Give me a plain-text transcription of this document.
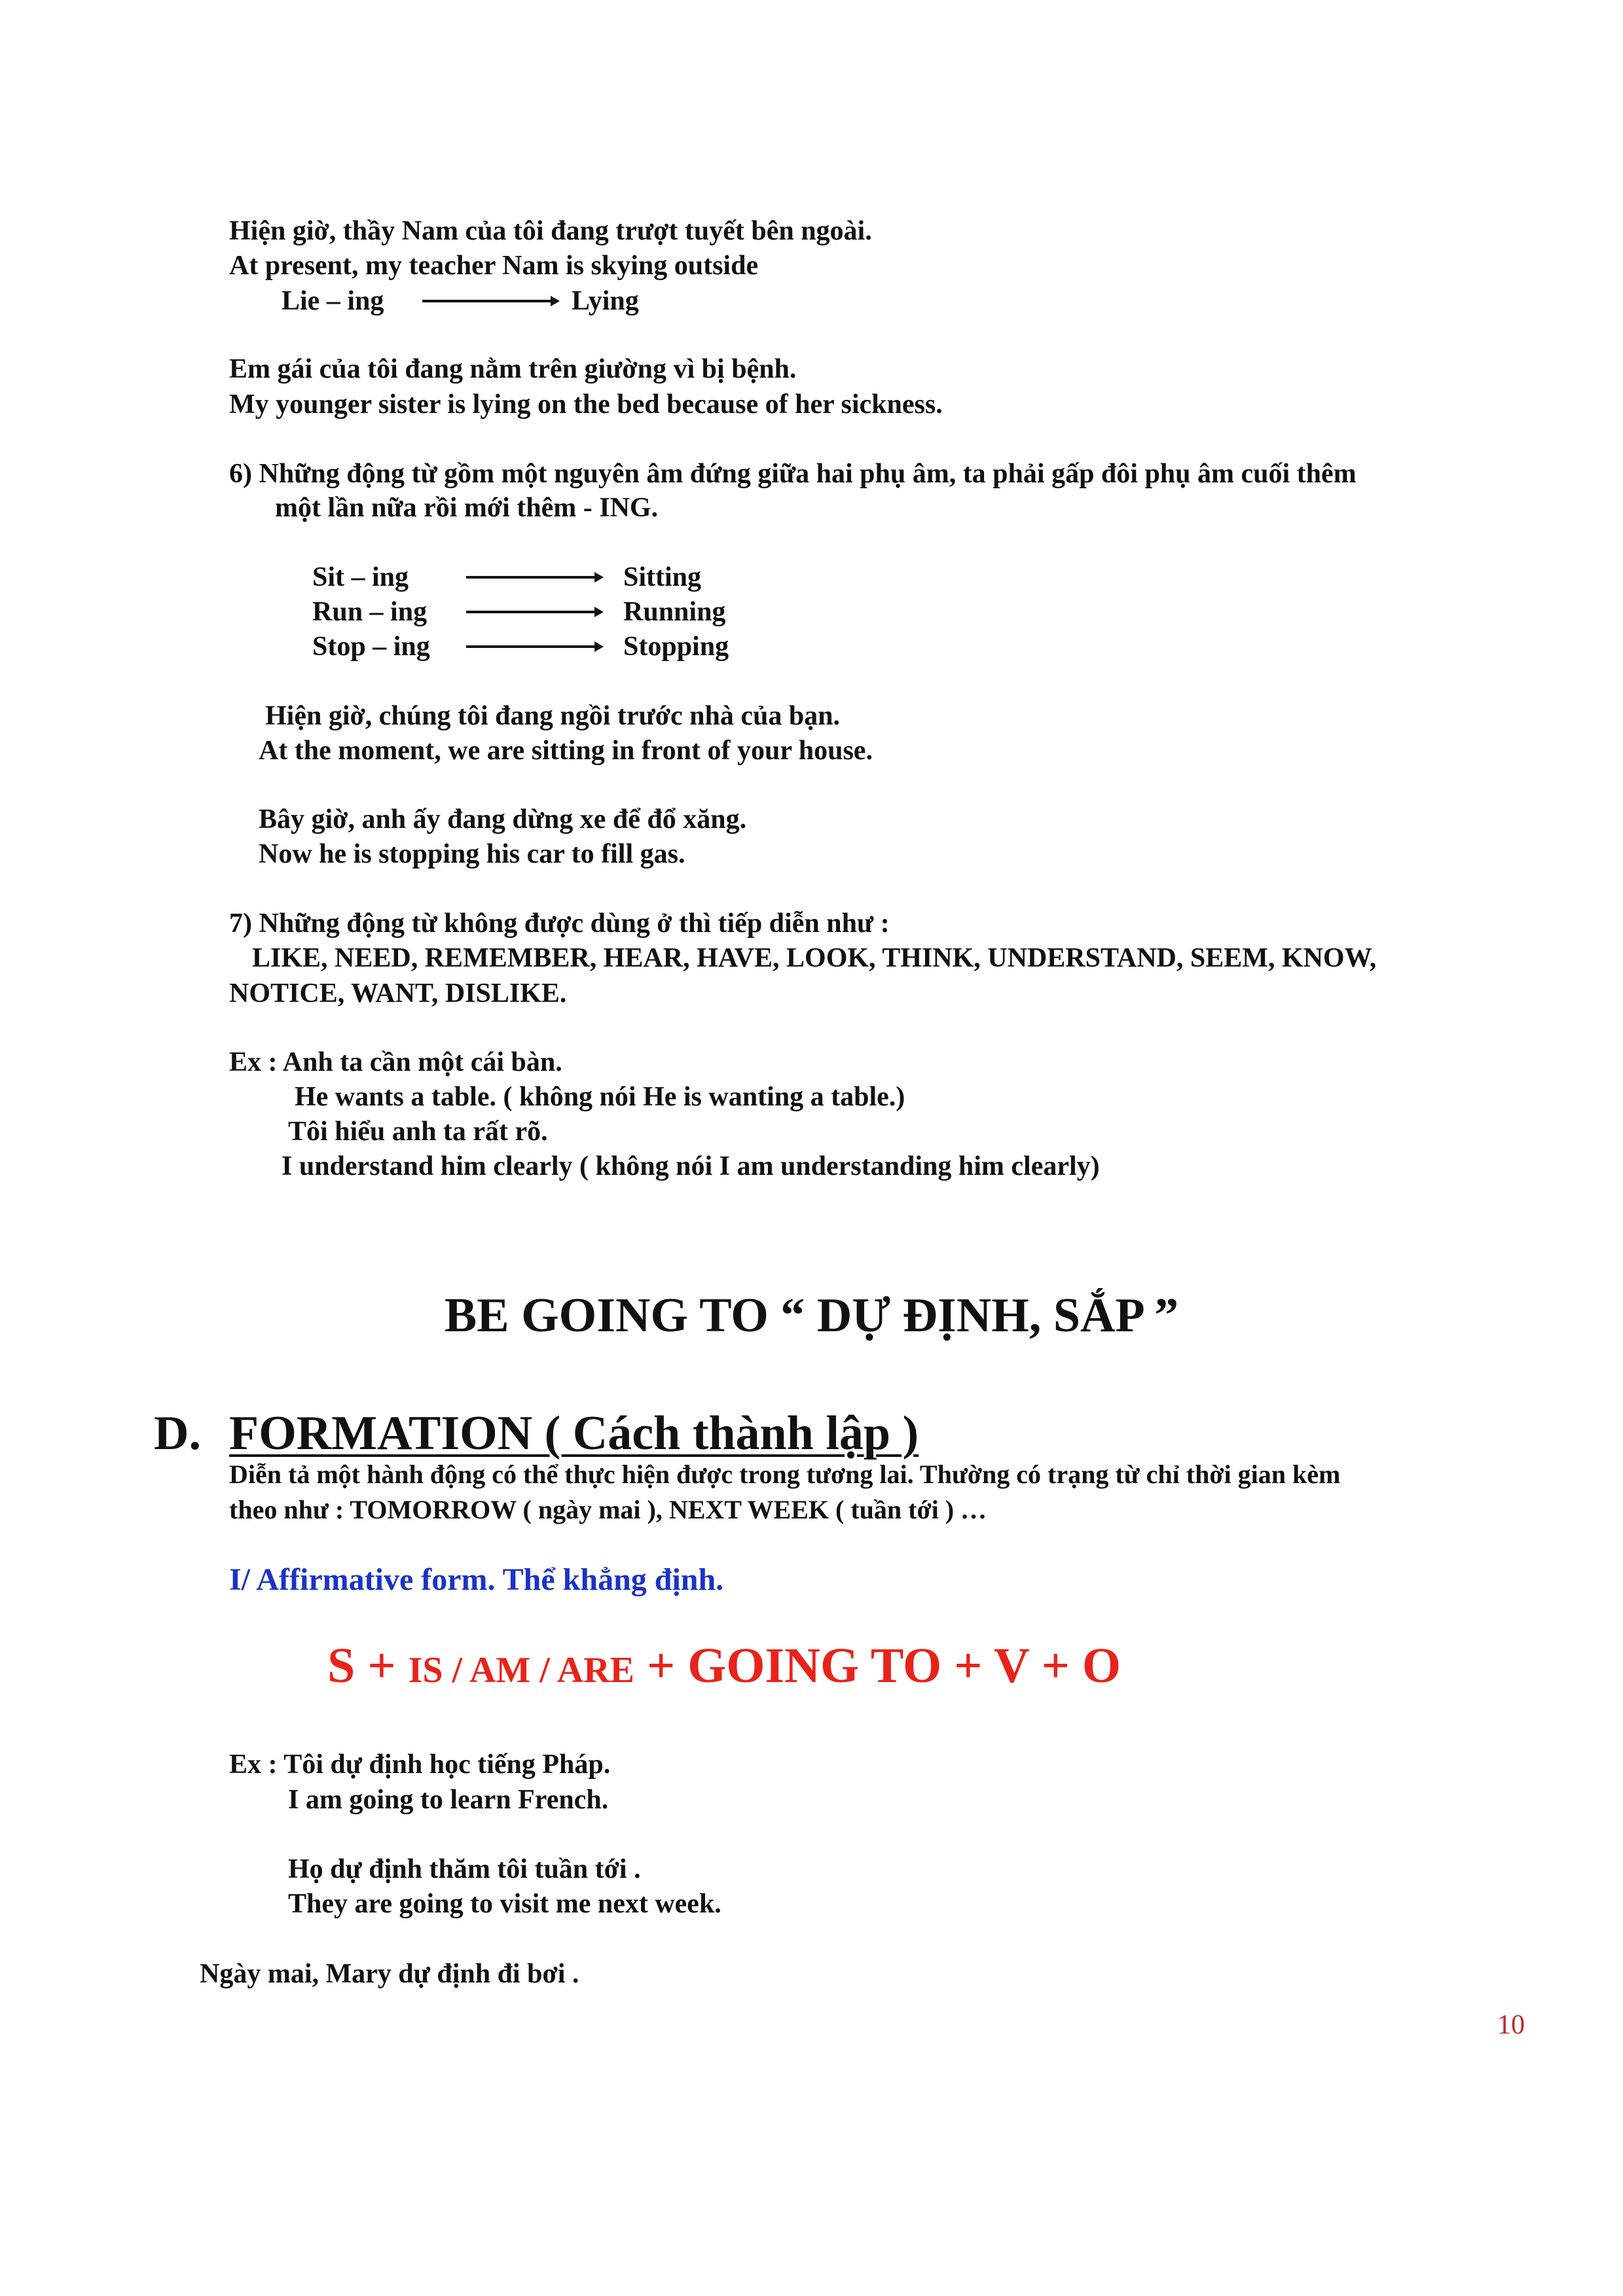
Hiện giờ, thầy Nam của tôi đang trượt tuyết bên ngoài.
At present, my teacher Nam is skying outside
Lie – ing	Lying
Em gái của tôi đang nằm trên giường vì bị bệnh.
My younger sister is lying on the bed because of her sickness.
6) Những động từ gồm một nguyên âm đứng giữa hai phụ âm, ta phải gấp đôi phụ âm cuối thêm
một lần nữa rồi mới thêm - ING.
Sit – ing	Sitting
Run – ing	Running
Stop – ing	Stopping
Hiện giờ, chúng tôi đang ngồi trước nhà của bạn.
At the moment, we are sitting in front of your house.
Bây giờ, anh ấy đang dừng xe để đổ xăng.
Now he is stopping his car to fill gas.
7) Những động từ không được dùng ở thì tiếp diễn như :
LIKE, NEED, REMEMBER, HEAR, HAVE, LOOK, THINK, UNDERSTAND, SEEM, KNOW,
NOTICE, WANT, DISLIKE.
Ex : Anh ta cần một cái bàn.
He wants a table. ( không nói He is wanting a table.)
Tôi hiểu anh ta rất rõ.
I understand him clearly ( không nói I am understanding him clearly)
BE GOING TO “ DỰ ĐỊNH, SẮP ”
D. FORMATION ( Cách thành lập )
Diễn tả một hành động có thể thực hiện được trong tương lai. Thường có trạng từ chỉ thời gian kèm
theo như : TOMORROW ( ngày mai ), NEXT WEEK ( tuần tới ) …
I/ Affirmative form. Thể khẳng định.
S + IS / AM / ARE + GOING TO + V + O
Ex : Tôi dự định học tiếng Pháp.
I am going to learn French.
Họ dự định thăm tôi tuần tới .
They are going to visit me next week.
Ngày mai, Mary dự định đi bơi .
10
